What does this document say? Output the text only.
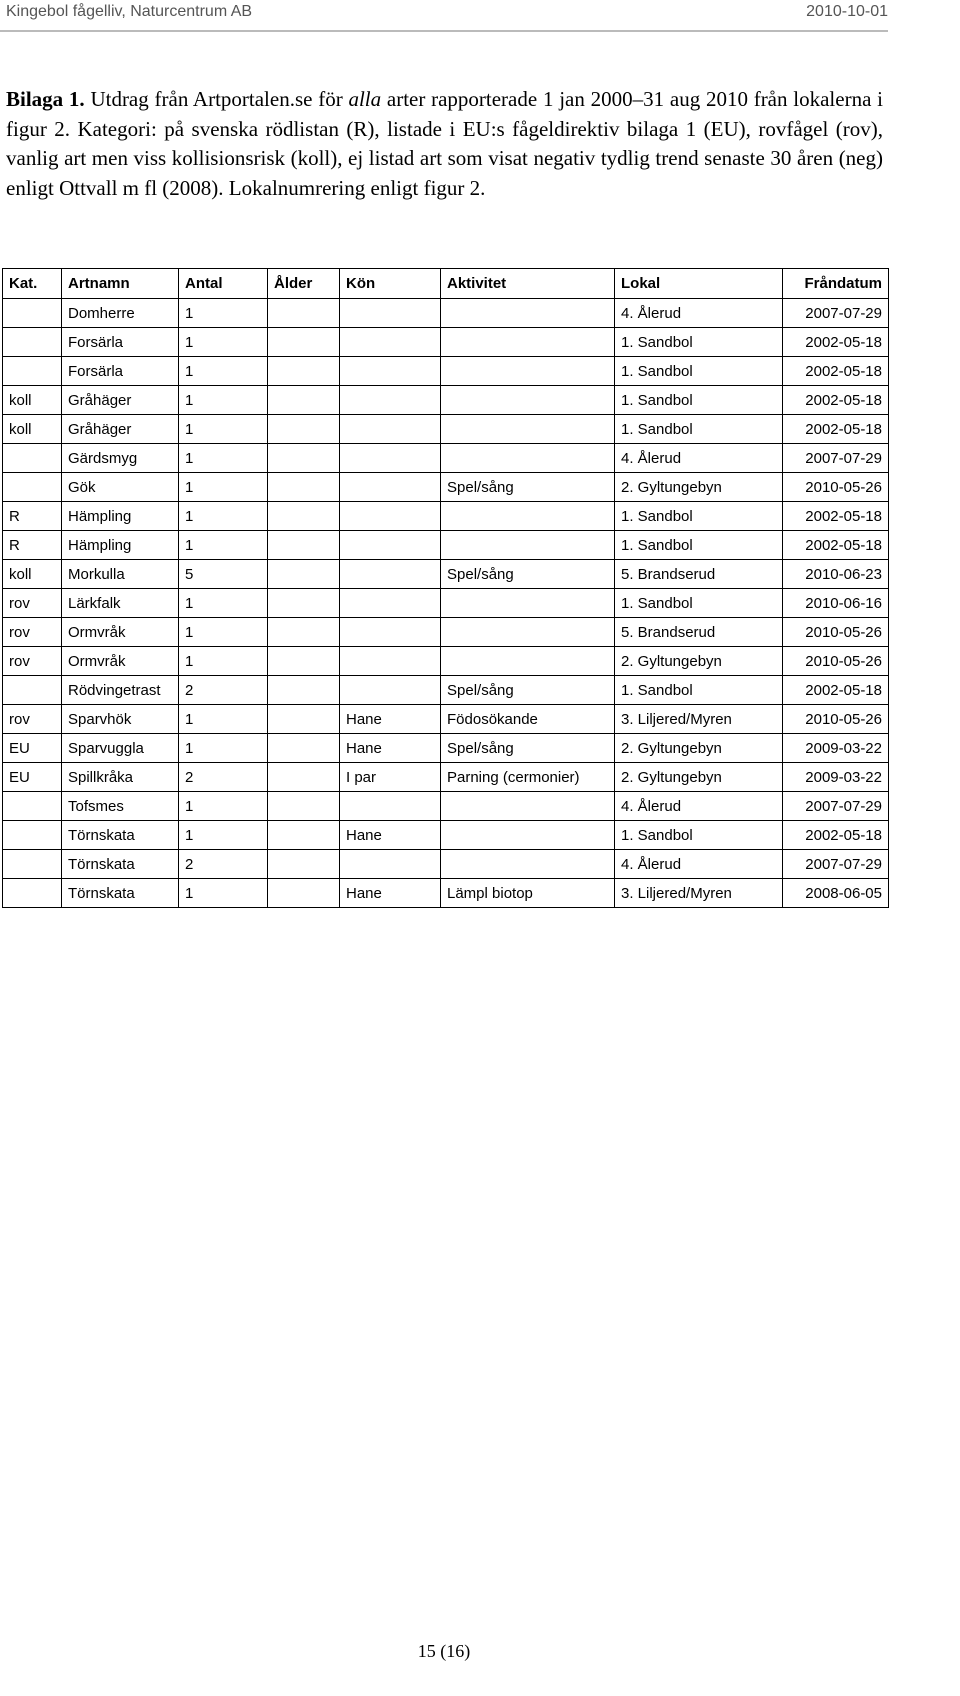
Kingebol fågelliv, Naturcentrum AB	2010-10-01
Bilaga 1. Utdrag från Artportalen.se för alla arter rapporterade 1 jan 2000–31 aug 2010 från lokalerna i figur 2. Kategori: på svenska rödlistan (R), listade i EU:s fågeldirektiv bilaga 1 (EU), rovfågel (rov), vanlig art men viss kollisionsrisk (koll), ej listad art som visat negativ tydlig trend senaste 30 åren (neg) enligt Ottvall m fl (2008). Lokalnumrering enligt figur 2.
Kat.	Artnamn	Antal	Ålder	Kön	Aktivitet	Lokal	Fråndatum
	Domherre	1				4. Ålerud	2007-07-29
	Forsärla	1				1. Sandbol	2002-05-18
	Forsärla	1				1. Sandbol	2002-05-18
koll	Gråhäger	1				1. Sandbol	2002-05-18
koll	Gråhäger	1				1. Sandbol	2002-05-18
	Gärdsmyg	1				4. Ålerud	2007-07-29
	Gök	1			Spel/sång	2. Gyltungebyn	2010-05-26
R	Hämpling	1				1. Sandbol	2002-05-18
R	Hämpling	1				1. Sandbol	2002-05-18
koll	Morkulla	5			Spel/sång	5. Brandserud	2010-06-23
rov	Lärkfalk	1				1. Sandbol	2010-06-16
rov	Ormvråk	1				5. Brandserud	2010-05-26
rov	Ormvråk	1				2. Gyltungebyn	2010-05-26
	Rödvingetrast	2			Spel/sång	1. Sandbol	2002-05-18
rov	Sparvhök	1		Hane	Födosökande	3. Liljered/Myren	2010-05-26
EU	Sparvuggla	1		Hane	Spel/sång	2. Gyltungebyn	2009-03-22
EU	Spillkråka	2		I par	Parning (cermonier)	2. Gyltungebyn	2009-03-22
	Tofsmes	1				4. Ålerud	2007-07-29
	Törnskata	1		Hane		1. Sandbol	2002-05-18
	Törnskata	2				4. Ålerud	2007-07-29
	Törnskata	1		Hane	Lämpl biotop	3. Liljered/Myren	2008-06-05
15 (16)
